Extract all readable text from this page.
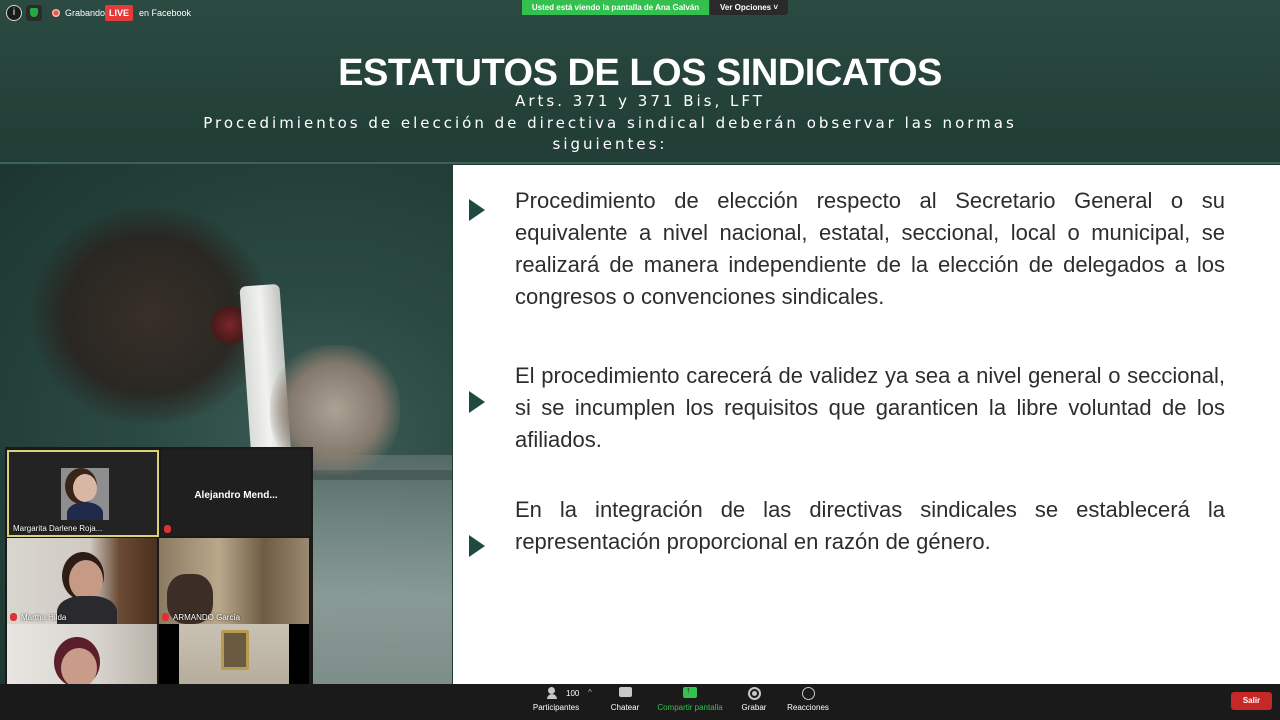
ESTATUTOS DE LOS SINDICATOS
Arts. 371 y 371 Bis, LFT
Procedimientos de elección de directiva sindical deberán observar las normas siguientes:
Procedimiento de elección respecto al Secretario General o su equivalente a nivel nacional, estatal, seccional, local o municipal, se realizará de manera independiente de la elección de delegados a los congresos o convenciones sindicales.
El procedimiento carecerá de validez ya sea a nivel general o seccional, si se incumplen los requisitos que garanticen la libre voluntad de los afiliados.
En la integración de las directivas sindicales se establecerá la representación proporcional en razón de género.
i	Grabando LIVE	en Facebook
Usted está viendo la pantalla de Ana Galván	Ver Opciones ˅
Margarita Darlene Roja...
Alejandro Mend...
Martha Hilda	ARMANDO García
Participantes
100 ^
Chatear
↑	Compartir pantalla	Grabar	Reacciones
Salir
